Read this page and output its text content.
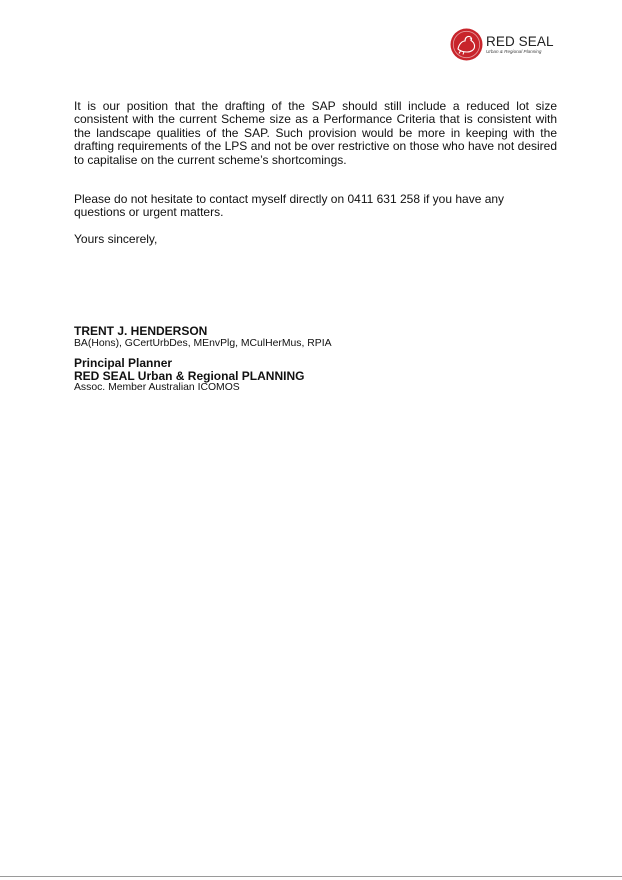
RED SEAL
Urban & Regional Planning

It is our position that the drafting of the SAP should still include a reduced lot size consistent with the current Scheme size as a Performance Criteria that is consistent with the landscape qualities of the SAP. Such provision would be more in keeping with the drafting requirements of the LPS and not be over restrictive on those who have not desired to capitalise on the current scheme’s shortcomings.

Please do not hesitate to contact myself directly on 0411 631 258 if you have any questions or urgent matters.

Yours sincerely,

TRENT J. HENDERSON
BA(Hons), GCertUrbDes, MEnvPlg, MCulHerMus, RPIA
Principal Planner
RED SEAL Urban & Regional PLANNING
Assoc. Member Australian ICOMOS
